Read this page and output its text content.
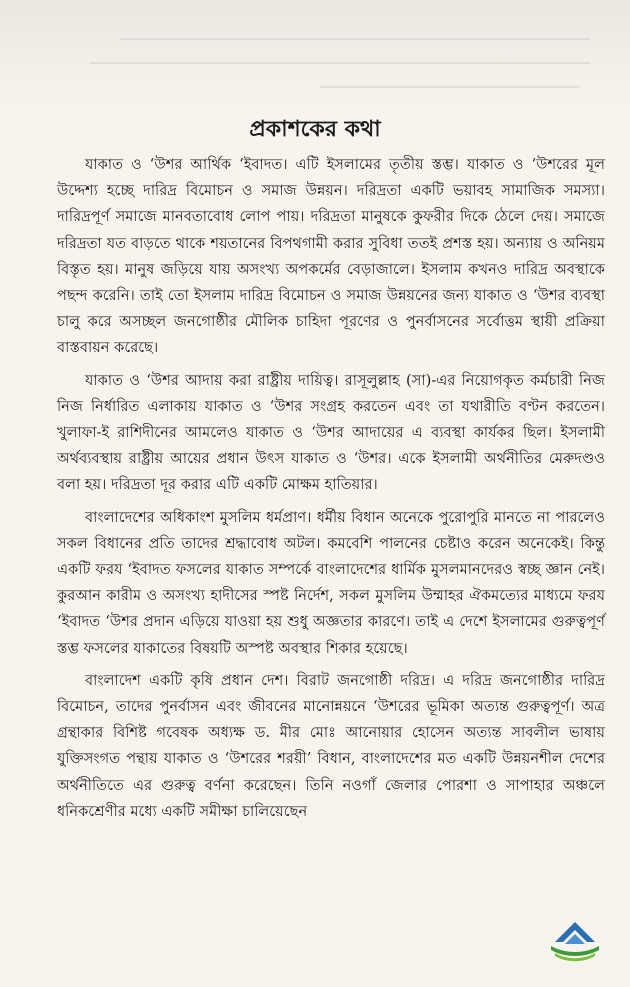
প্রকাশকের কথা

যাকাত ও ‘উশর আর্থিক ‘ইবাদত। এটি ইসলামের তৃতীয় স্তম্ভ। যাকাত ও ‘উশরের মূল উদ্দেশ্য হচ্ছে দারিদ্র বিমোচন ও সমাজ উন্নয়ন। দরিদ্রতা একটি ভয়াবহ সামাজিক সমস্যা। দারিদ্রপূর্ণ সমাজে মানবতাবোধ লোপ পায়। দরিদ্রতা মানুষকে কুফরীর দিকে ঠেলে দেয়। সমাজে দরিদ্রতা যত বাড়তে থাকে শয়তানের বিপথগামী করার সুবিধা ততই প্রশস্ত হয়। অন্যায় ও অনিয়ম বিস্তৃত হয়। মানুষ জড়িয়ে যায় অসংখ্য অপকর্মের বেড়াজালে। ইসলাম কখনও দারিদ্র অবস্থাকে পছন্দ করেনি। তাই তো ইসলাম দারিদ্র বিমোচন ও সমাজ উন্নয়নের জন্য যাকাত ও ‘উশর ব্যবস্থা চালু করে অসচ্ছল জনগোষ্ঠীর মৌলিক চাহিদা পূরণের ও পুনর্বাসনের সর্বোত্তম স্থায়ী প্রক্রিয়া বাস্তবায়ন করেছে।

যাকাত ও ‘উশর আদায় করা রাষ্ট্রীয় দায়িত্ব। রাসূলুল্লাহ (সা)-এর নিয়োগকৃত কর্মচারী নিজ নিজ নির্ধারিত এলাকায় যাকাত ও ‘উশর সংগ্রহ করতেন এবং তা যথারীতি বণ্টন করতেন। খুলাফা-ই রাশিদীনের আমলেও যাকাত ও ‘উশর আদায়ের এ ব্যবস্থা কার্যকর ছিল। ইসলামী অর্থব্যবস্থায় রাষ্ট্রীয় আয়ের প্রধান উৎস যাকাত ও ‘উশর। একে ইসলামী অর্থনীতির মেরুদণ্ডও বলা হয়। দরিদ্রতা দূর করার এটি একটি মোক্ষম হাতিয়ার।

বাংলাদেশের অধিকাংশ মুসলিম ধর্মপ্রাণ। ধর্মীয় বিধান অনেকে পুরোপুরি মানতে না পারলেও সকল বিধানের প্রতি তাদের শ্রদ্ধাবোধ অটল। কমবেশি পালনের চেষ্টাও করেন অনেকেই। কিন্তু একটি ফরয ‘ইবাদত ফসলের যাকাত সম্পর্কে বাংলাদেশের ধার্মিক মুসলমানদেরও স্বচ্ছ জ্ঞান নেই। কুরআন কারীম ও অসংখ্য হাদীসের স্পষ্ট নির্দেশ, সকল মুসলিম উম্মাহর ঐকমত্যের মাধ্যমে ফরয ‘ইবাদত ‘উশর প্রদান এড়িয়ে যাওয়া হয় শুধু অজ্ঞতার কারণে। তাই এ দেশে ইসলামের গুরুত্বপূর্ণ স্তম্ভ ফসলের যাকাতের বিষয়টি অস্পষ্ট অবস্থার শিকার হয়েছে।

বাংলাদেশ একটি কৃষি প্রধান দেশ। বিরাট জনগোষ্ঠী দরিদ্র। এ দরিদ্র জনগোষ্ঠীর দারিদ্র বিমোচন, তাদের পুনর্বাসন এবং জীবনের মানোন্নয়নে ‘উশরের ভূমিকা অত্যন্ত গুরুত্বপূর্ণ। অত্র গ্রন্থাকার বিশিষ্ট গবেষক অধ্যক্ষ ড. মীর মোঃ আনোয়ার হোসেন অত্যন্ত সাবলীল ভাষায় যুক্তিসংগত পন্থায় যাকাত ও ‘উশরের শরয়ী’ বিধান, বাংলাদেশের মত একটি উন্নয়নশীল দেশের অর্থনীতিতে এর গুরুত্ব বর্ণনা করেছেন। তিনি নওগাঁ জেলার পোরশা ও সাপাহার অঞ্চলে ধনিকশ্রেণীর মধ্যে একটি সমীক্ষা চালিয়েছেন
